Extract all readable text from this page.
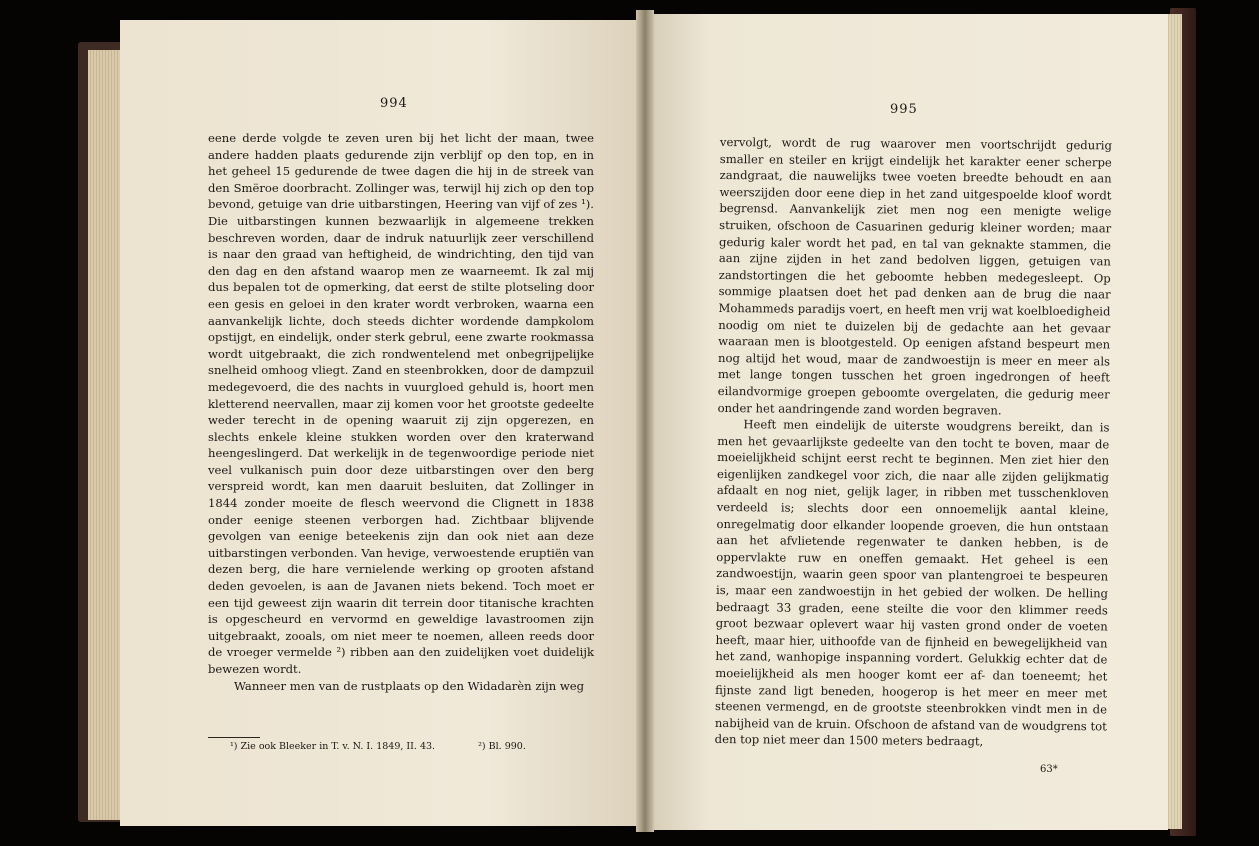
994

eene derde volgde te zeven uren bij het licht der maan, twee andere hadden plaats gedurende zijn verblijf op den top, en in het geheel 15 gedurende de twee dagen die hij in de streek van den Smëroe doorbracht. Zollinger was, terwijl hij zich op den top bevond, getuige van drie uitbarstingen, Heering van vijf of zes ¹). Die uitbarstingen kunnen bezwaarlijk in algemeene trekken beschreven worden, daar de indruk natuurlijk zeer verschillend is naar den graad van heftigheid, de windrichting, den tijd van den dag en den afstand waarop men ze waarneemt. Ik zal mij dus bepalen tot de opmerking, dat eerst de stilte plotseling door een gesis en geloei in den krater wordt verbroken, waarna een aanvankelijk lichte, doch steeds dichter wordende dampkolom opstijgt, en eindelijk, onder sterk gebrul, eene zwarte rookmassa wordt uitgebraakt, die zich rondwentelend met onbegrijpelijke snelheid omhoog vliegt. Zand en steenbrokken, door de dampzuil medegevoerd, die des nachts in vuurgloed gehuld is, hoort men kletterend neervallen, maar zij komen voor het grootste gedeelte weder terecht in de opening waaruit zij zijn opgerezen, en slechts enkele kleine stukken worden over den kraterwand heengeslingerd. Dat werkelijk in de tegenwoordige periode niet veel vulkanisch puin door deze uitbarstingen over den berg verspreid wordt, kan men daaruit besluiten, dat Zollinger in 1844 zonder moeite de flesch weervond die Clignett in 1838 onder eenige steenen verborgen had. Zichtbaar blijvende gevolgen van eenige beteekenis zijn dan ook niet aan deze uitbarstingen verbonden. Van hevige, verwoestende eruptiën van dezen berg, die hare vernielende werking op grooten afstand deden gevoelen, is aan de Javanen niets bekend. Toch moet er een tijd geweest zijn waarin dit terrein door titanische krachten is opgescheurd en vervormd en geweldige lavastroomen zijn uitgebraakt, zooals, om niet meer te noemen, alleen reeds door de vroeger vermelde ²) ribben aan den zuidelijken voet duidelijk bewezen wordt.

Wanneer men van de rustplaats op den Widadarèn zijn weg

¹) Zie ook Bleeker in T. v. N. I. 1849, II. 43.	²) Bl. 990.
995

vervolgt, wordt de rug waarover men voortschrijdt gedurig smaller en steiler en krijgt eindelijk het karakter eener scherpe zandgraat, die nauwelijks twee voeten breedte behoudt en aan weerszijden door eene diep in het zand uitgespoelde kloof wordt begrensd. Aanvankelijk ziet men nog een menigte welige struiken, ofschoon de Casuarinen gedurig kleiner worden; maar gedurig kaler wordt het pad, en tal van geknakte stammen, die aan zijne zijden in het zand bedolven liggen, getuigen van zandstortingen die het geboomte hebben medegesleept. Op sommige plaatsen doet het pad denken aan de brug die naar Mohammeds paradijs voert, en heeft men vrij wat koelbloedigheid noodig om niet te duizelen bij de gedachte aan het gevaar waaraan men is blootgesteld. Op eenigen afstand bespeurt men nog altijd het woud, maar de zandwoestijn is meer en meer als met lange tongen tusschen het groen ingedrongen of heeft eilandvormige groepen geboomte overgelaten, die gedurig meer onder het aandringende zand worden begraven.

Heeft men eindelijk de uiterste woudgrens bereikt, dan is men het gevaarlijkste gedeelte van den tocht te boven, maar de moeielijkheid schijnt eerst recht te beginnen. Men ziet hier den eigenlijken zandkegel voor zich, die naar alle zijden gelijkmatig afdaalt en nog niet, gelijk lager, in ribben met tusschenkloven verdeeld is; slechts door een onnoemelijk aantal kleine, onregelmatig door elkander loopende groeven, die hun ontstaan aan het afvlietende regenwater te danken hebben, is de oppervlakte ruw en oneffen gemaakt. Het geheel is een zandwoestijn, waarin geen spoor van plantengroei te bespeuren is, maar een zandwoestijn in het gebied der wolken. De helling bedraagt 33 graden, eene steilte die voor den klimmer reeds groot bezwaar oplevert waar hij vasten grond onder de voeten heeft, maar hier, uithoofde van de fijnheid en bewegelijkheid van het zand, wanhopige inspanning vordert. Gelukkig echter dat de moeielijkheid als men hooger komt eer af- dan toeneemt; het fijnste zand ligt beneden, hoogerop is het meer en meer met steenen vermengd, en de grootste steenbrokken vindt men in de nabijheid van de kruin. Ofschoon de afstand van de woudgrens tot den top niet meer dan 1500 meters bedraagt,

63*
